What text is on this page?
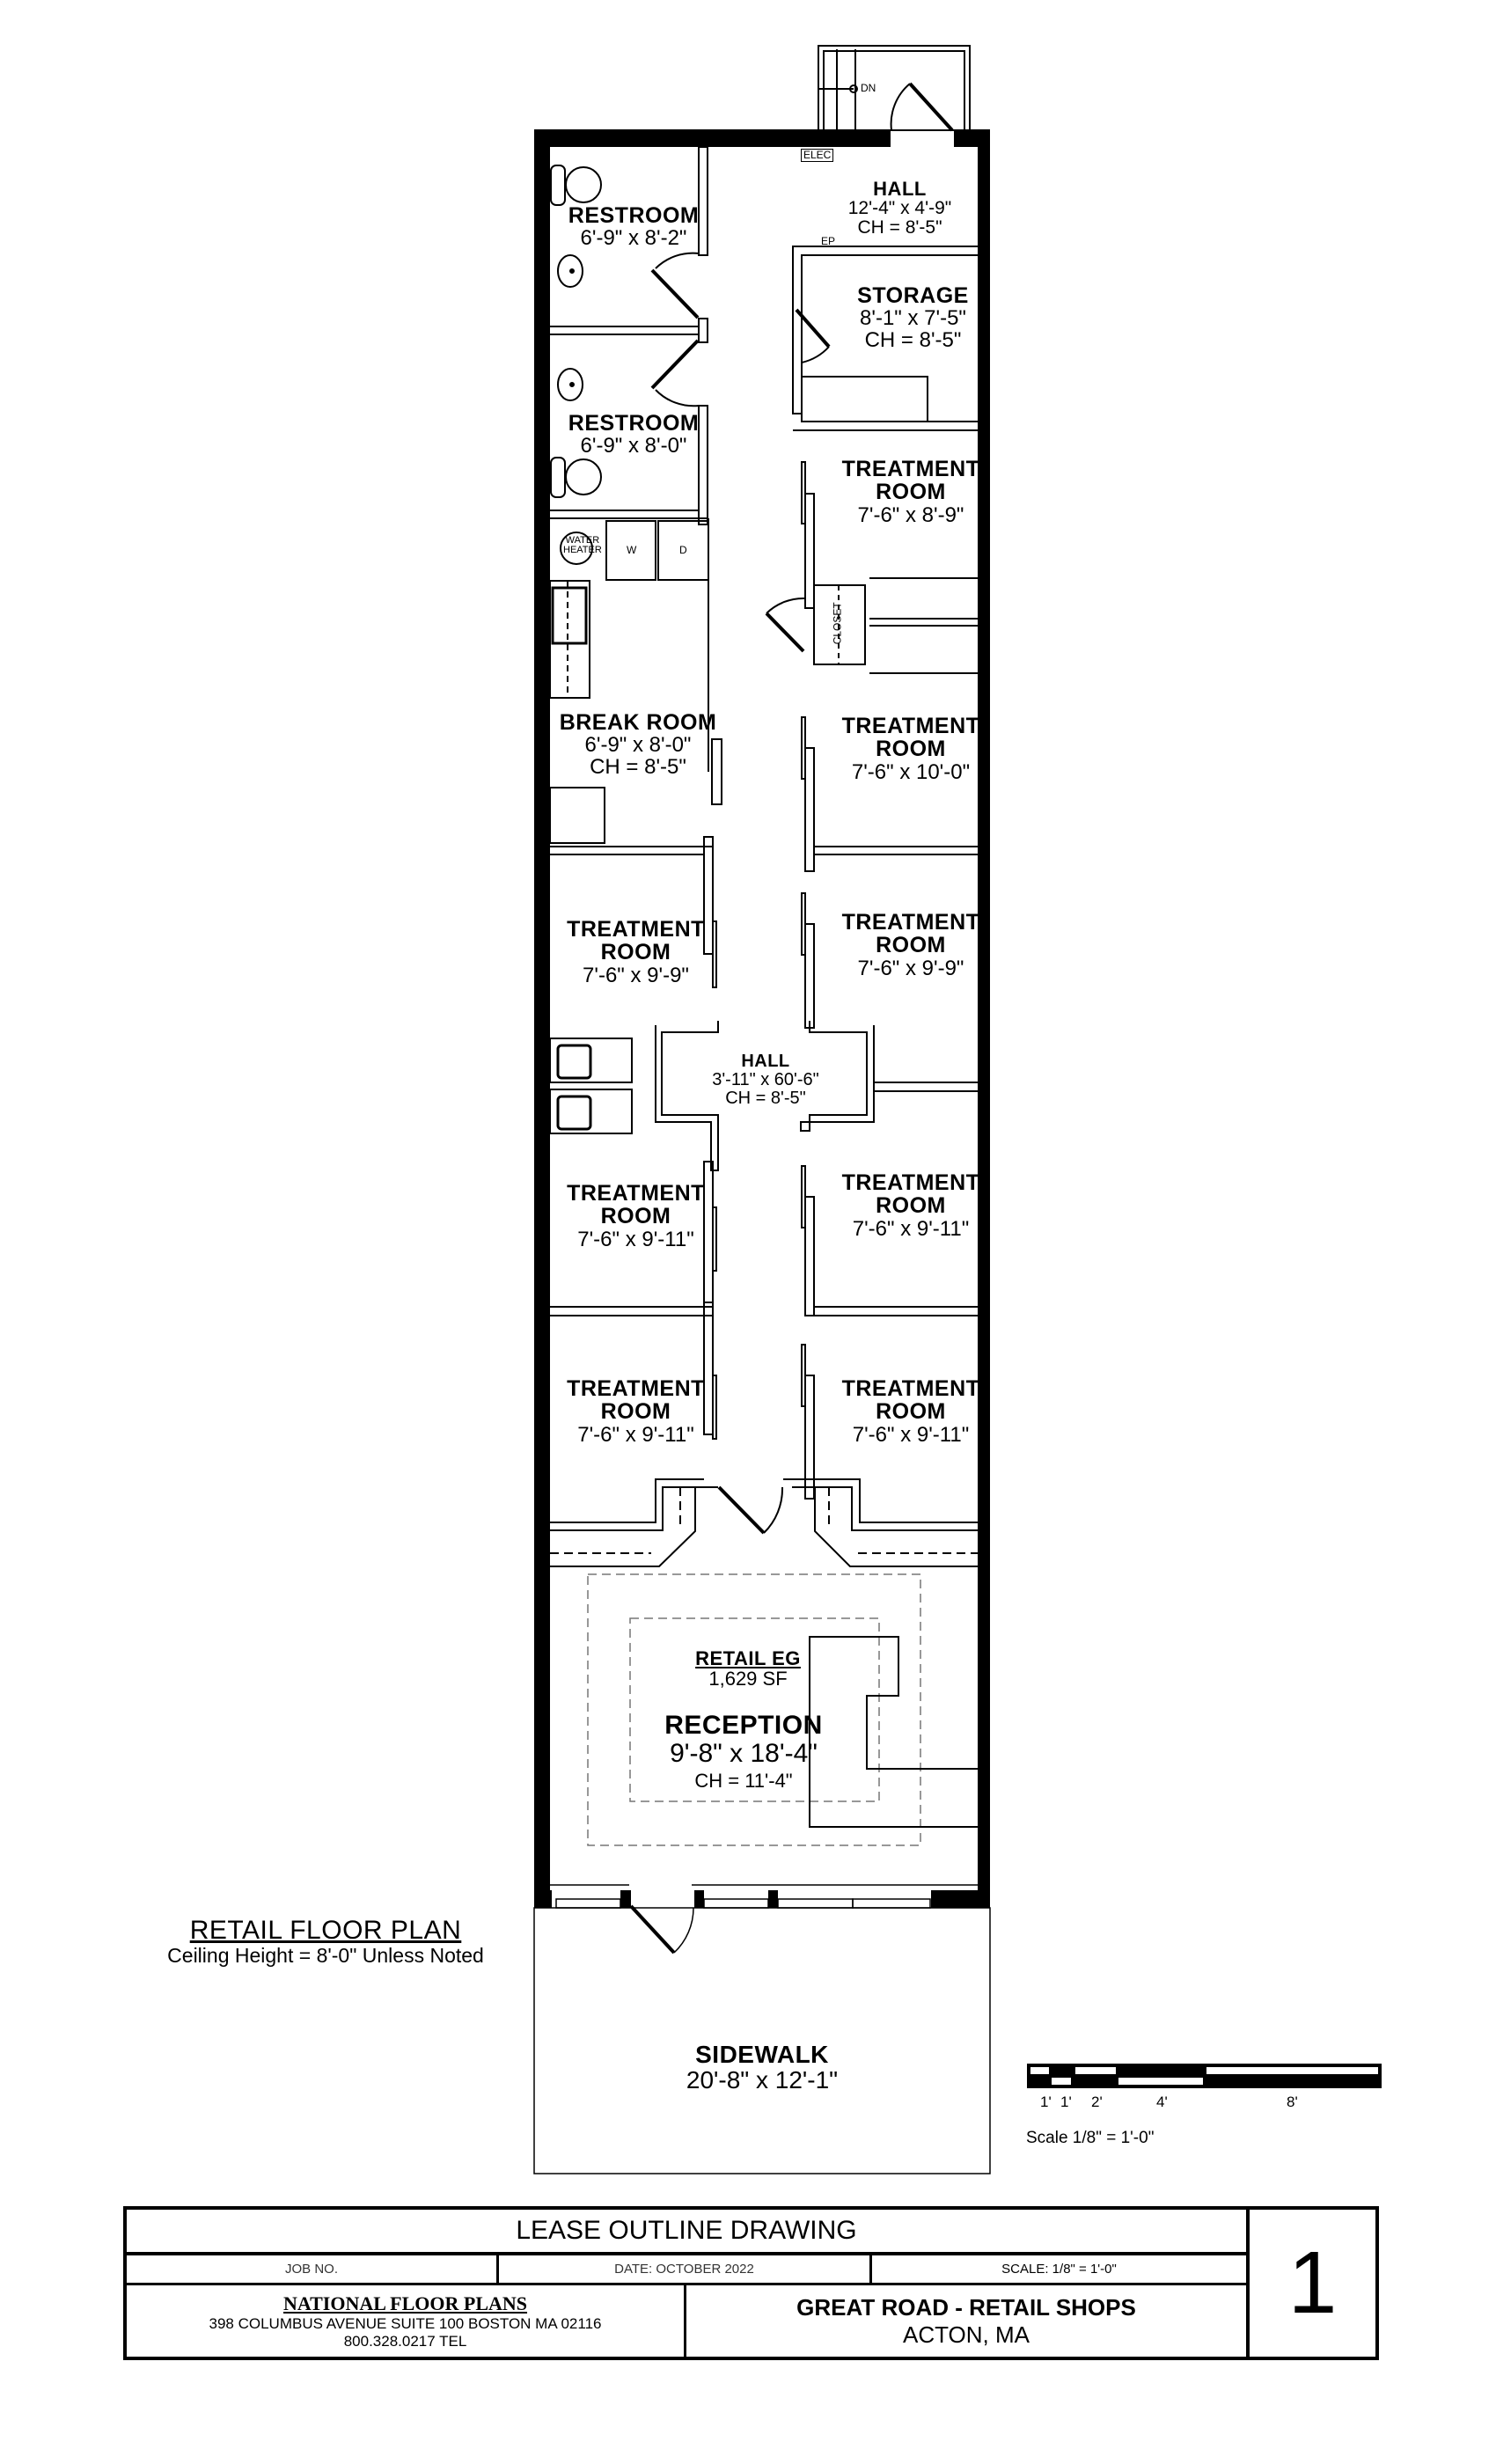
DN
ELEC
EP
WATER
HEATER W	D
CLOSET
RESTROOM
6'-9" x 8'-2"
RESTROOM
6'-9" x 8'-0"
HALL
12'-4" x 4'-9"
CH = 8'-5"
STORAGE
8'-1" x 7'-5"
CH = 8'-5"
TREATMENT
ROOM
7'-6" x 8'-9"
BREAK ROOM
6'-9" x 8'-0"
CH = 8'-5"
TREATMENT
ROOM
7'-6" x 10'-0"
TREATMENT
ROOM
7'-6" x 9'-9"
TREATMENT
ROOM
7'-6" x 9'-9"
HALL
3'-11" x 60'-6"
CH = 8'-5"
TREATMENT
ROOM
7'-6" x 9'-11"
TREATMENT
ROOM
7'-6" x 9'-11"
TREATMENT
ROOM
7'-6" x 9'-11"
TREATMENT
ROOM
7'-6" x 9'-11"
RETAIL EG
1,629 SF
RECEPTION
9'-8" x 18'-4"
CH = 11'-4"
SIDEWALK
20'-8" x 12'-1"
RETAIL FLOOR PLAN
Ceiling Height = 8'-0" Unless Noted
1' 1' 2'	4'	8'
Scale 1/8" = 1'-0"
LEASE OUTLINE DRAWING
JOB NO.	DATE: OCTOBER 2022	SCALE: 1/8" = 1'-0"
NATIONAL FLOOR PLANS
398 COLUMBUS AVENUE SUITE 100 BOSTON MA 02116
800.328.0217 TEL
GREAT ROAD - RETAIL SHOPS
ACTON, MA
1
